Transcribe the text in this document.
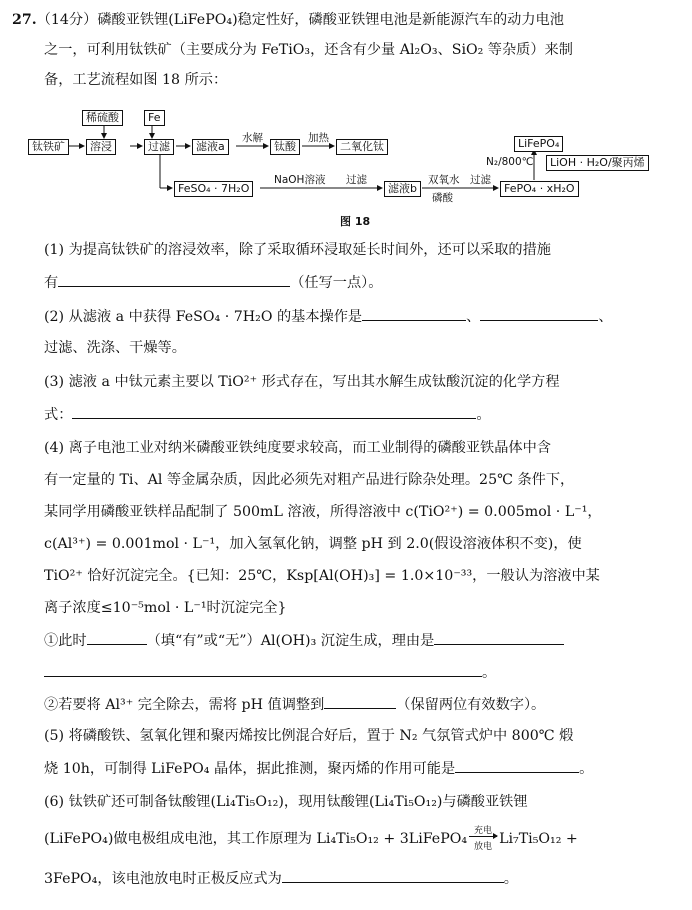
27.（14分）磷酸亚铁锂(LiFePO₄)稳定性好，磷酸亚铁锂电池是新能源汽车的动力电池
之一，可利用钛铁矿（主要成分为 FeTiO₃，还含有少量 Al₂O₃、SiO₂ 等杂质）来制
备，工艺流程如图 18 所示：
稀硫酸	Fe
钛铁矿	溶浸	过滤	滤液a	钛酸	二氧化钛
FeSO₄ · 7H₂O	滤液b	FePO₄ · xH₂O
LiFePO₄
LiOH · H₂O/聚丙烯
水解	加热
NaOH溶液 过滤	双氧水
磷酸
过滤
N₂/800℃
图 18
(1) 为提高钛铁矿的溶浸效率，除了采取循环浸取延长时间外，还可以采取的措施
有	（任写一点）。
(2) 从滤液 a 中获得 FeSO₄ · 7H₂O 的基本操作是	、	、
过滤、洗涤、干燥等。
(3) 滤液 a 中钛元素主要以 TiO²⁺ 形式存在，写出其水解生成钛酸沉淀的化学方程
式：	。
(4) 离子电池工业对纳米磷酸亚铁纯度要求较高，而工业制得的磷酸亚铁晶体中含
有一定量的 Ti、Al 等金属杂质，因此必须先对粗产品进行除杂处理。25℃ 条件下，
某同学用磷酸亚铁样品配制了 500mL 溶液，所得溶液中 c(TiO²⁺) = 0.005mol · L⁻¹，
c(Al³⁺) = 0.001mol · L⁻¹，加入氢氧化钠，调整 pH 到 2.0(假设溶液体积不变)，使
TiO²⁺ 恰好沉淀完全。{已知：25℃，Ksp[Al(OH)₃] = 1.0×10⁻³³，一般认为溶液中某
离子浓度≤10⁻⁵mol · L⁻¹时沉淀完全}
①此时	（填“有”或“无”）Al(OH)₃ 沉淀生成，理由是
。
②若要将 Al³⁺ 完全除去，需将 pH 值调整到	（保留两位有效数字）。
(5) 将磷酸铁、氢氧化锂和聚丙烯按比例混合好后，置于 N₂ 气氛管式炉中 800℃ 煅
烧 10h，可制得 LiFePO₄ 晶体，据此推测，聚丙烯的作用可能是	。
(6) 钛铁矿还可制备钛酸锂(Li₄Ti₅O₁₂)，现用钛酸锂(Li₄Ti₅O₁₂)与磷酸亚铁锂
(LiFePO₄)做电极组成电池，其工作原理为 Li₄Ti₅O₁₂ + 3LiFePO₄ 充电
放电 Li₇Ti₅O₁₂ +
3FePO₄，该电池放电时正极反应式为	。
